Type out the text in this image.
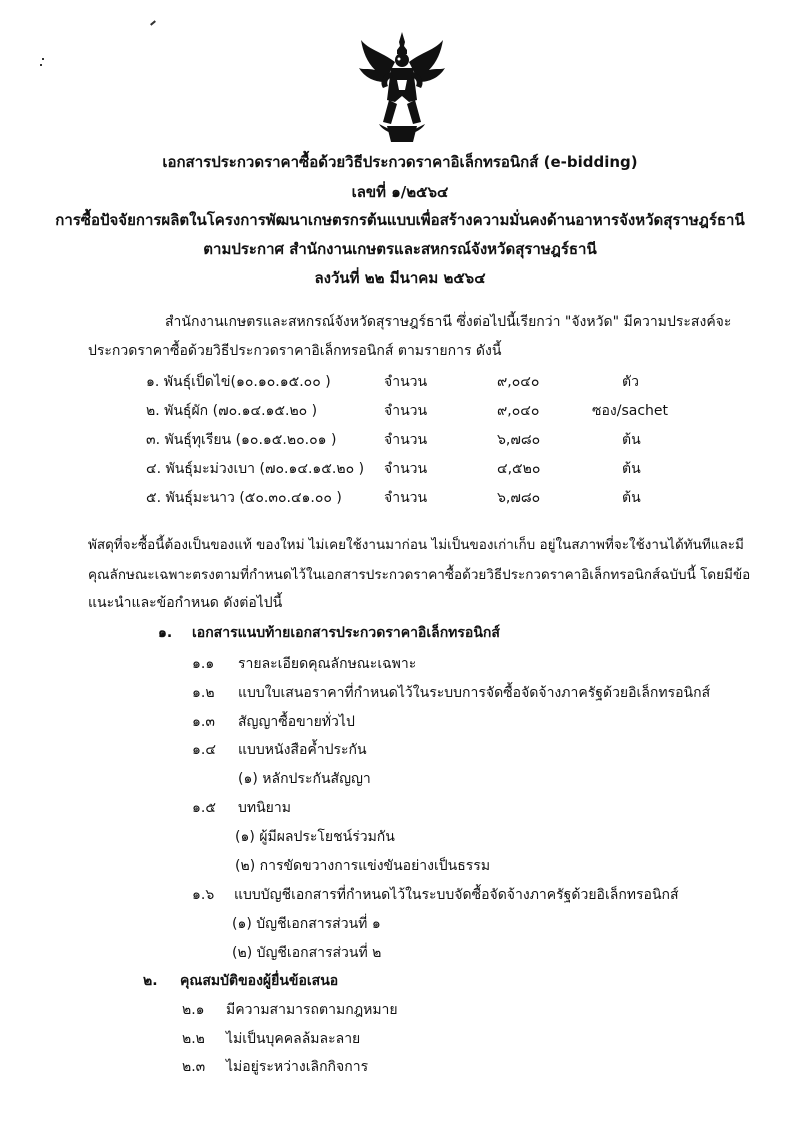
เอกสารประกวดราคาซื้อด้วยวิธีประกวดราคาอิเล็กทรอนิกส์ (e-bidding)
เลขที่ ๑/๒๕๖๔
การซื้อปัจจัยการผลิตในโครงการพัฒนาเกษตรกรต้นแบบเพื่อสร้างความมั่นคงด้านอาหารจังหวัดสุราษฎร์ธานี
ตามประกาศ สำนักงานเกษตรและสหกรณ์จังหวัดสุราษฎร์ธานี
ลงวันที่ ๒๒ มีนาคม ๒๕๖๔
สำนักงานเกษตรและสหกรณ์จังหวัดสุราษฎร์ธานี ซึ่งต่อไปนี้เรียกว่า "จังหวัด" มีความประสงค์จะ
ประกวดราคาซื้อด้วยวิธีประกวดราคาอิเล็กทรอนิกส์ ตามรายการ ดังนี้
๑. พันธุ์เป็ดไข่(๑๐.๑๐.๑๕.๐๐ )	จำนวน	๙,๐๔๐	ตัว
๒. พันธุ์ผัก (๗๐.๑๔.๑๕.๒๐ )	จำนวน	๙,๐๔๐	ซอง/sachet
๓. พันธุ์ทุเรียน (๑๐.๑๕.๒๐.๐๑ )	จำนวน	๖,๗๘๐	ต้น
๔. พันธุ์มะม่วงเบา (๗๐.๑๔.๑๕.๒๐ ) จำนวน	๔,๕๒๐	ต้น
๕. พันธุ์มะนาว (๕๐.๓๐.๔๑.๐๐ )	จำนวน	๖,๗๘๐	ต้น
พัสดุที่จะซื้อนี้ต้องเป็นของแท้ ของใหม่ ไม่เคยใช้งานมาก่อน ไม่เป็นของเก่าเก็บ อยู่ในสภาพที่จะใช้งานได้ทันทีและมี
คุณลักษณะเฉพาะตรงตามที่กำหนดไว้ในเอกสารประกวดราคาซื้อด้วยวิธีประกวดราคาอิเล็กทรอนิกส์ฉบับนี้ โดยมีข้อ
แนะนำและข้อกำหนด ดังต่อไปนี้
๑. เอกสารแนบท้ายเอกสารประกวดราคาอิเล็กทรอนิกส์
๑.๑ รายละเอียดคุณลักษณะเฉพาะ
๑.๒ แบบใบเสนอราคาที่กำหนดไว้ในระบบการจัดซื้อจัดจ้างภาครัฐด้วยอิเล็กทรอนิกส์
๑.๓ สัญญาซื้อขายทั่วไป
๑.๔ แบบหนังสือค้ำประกัน
(๑) หลักประกันสัญญา
๑.๕ บทนิยาม
(๑) ผู้มีผลประโยชน์ร่วมกัน
(๒) การขัดขวางการแข่งขันอย่างเป็นธรรม
๑.๖ แบบบัญชีเอกสารที่กำหนดไว้ในระบบจัดซื้อจัดจ้างภาครัฐด้วยอิเล็กทรอนิกส์
(๑) บัญชีเอกสารส่วนที่ ๑
(๒) บัญชีเอกสารส่วนที่ ๒
๒. คุณสมบัติของผู้ยื่นข้อเสนอ
๒.๑ มีความสามารถตามกฎหมาย
๒.๒ ไม่เป็นบุคคลล้มละลาย
๒.๓ ไม่อยู่ระหว่างเลิกกิจการ
